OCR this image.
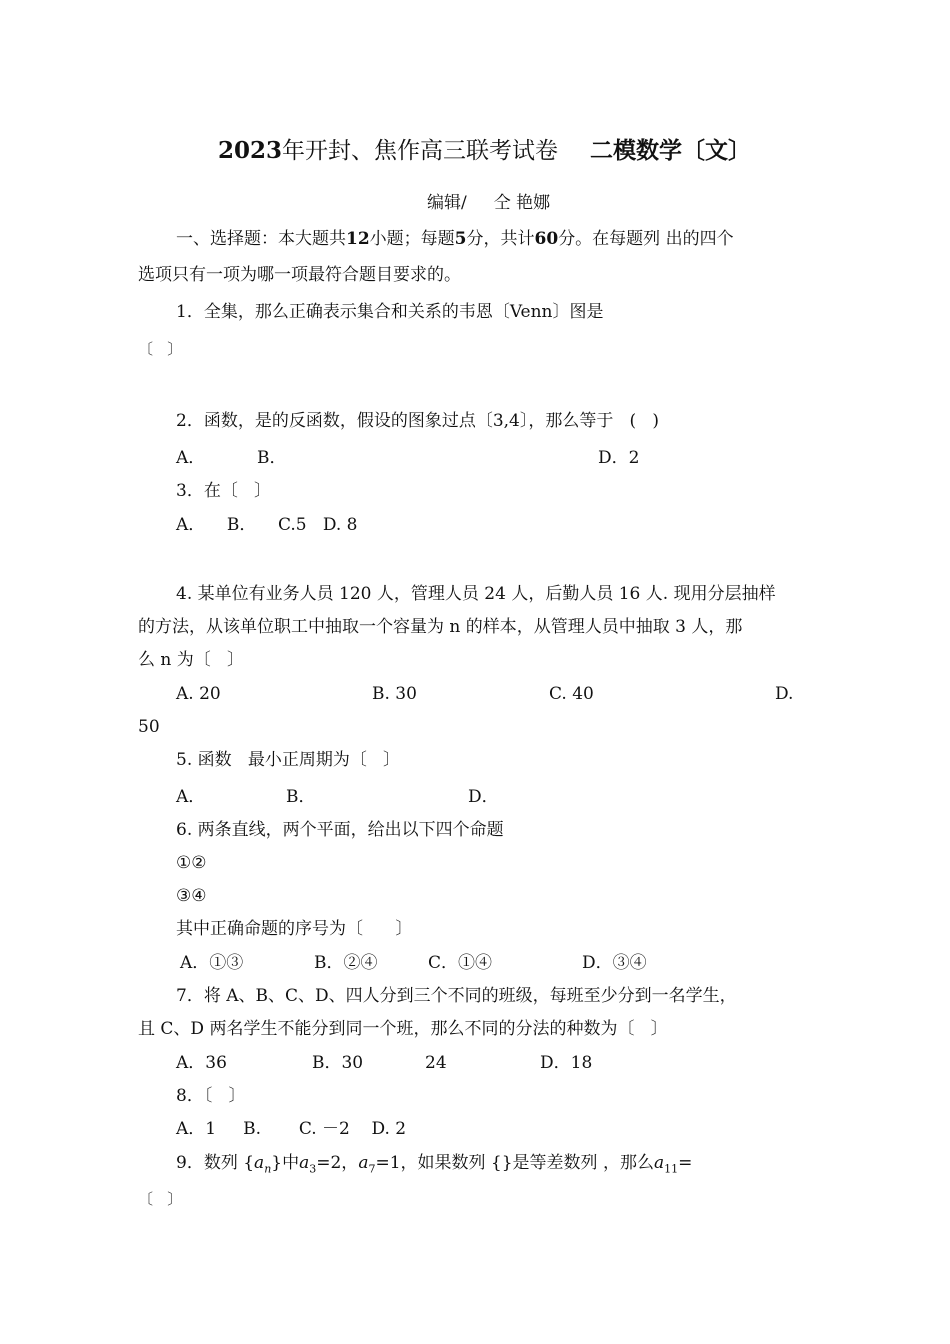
2023年开封、焦作高三联考试卷 二模数学〔文〕
编辑/     仝 艳娜
一、选择题：本大题共12小题；每题5分，共计60分。在每题列 出的四个
选项只有一项为哪一项最符合题目要求的。
1．全集，那么正确表示集合和关系的韦恩〔Venn〕图是
〔   〕
2．函数，是的反函数，假设的图象过点〔3,4〕，那么等于   (   )
A．	B．	D．2
3．在〔   〕
A．    B．    C.5   D. 8
4. 某单位有业务人员 120 人，管理人员 24 人，后勤人员 16 人. 现用分层抽样
的方法，从该单位职工中抽取一个容量为 n 的样本，从管理人员中抽取 3 人，那
么 n 为〔   〕
A. 20	B. 30	C. 40	D.
50
5. 函数   最小正周期为〔   〕
A．	B．	D．
6. 两条直线，两个平面，给出以下四个命题
①②
③④
其中正确命题的序号为〔      〕
A．①③	B．②④	C．①④	D．③④
7．将 A、B、C、D、四人分到三个不同的班级，每班至少分到一名学生，
且 C、D 两名学生不能分到同一个班，那么不同的分法的种数为〔   〕
A．36	B．30	24	D．18
8．〔   〕
A．1     B.       C. －2    D. 2
9．数列 $\{a_n\}$中$a_3=2$，$a_7=1$，如果数列 {}是等差数列 ，那么$a_{11}=$
〔   〕
